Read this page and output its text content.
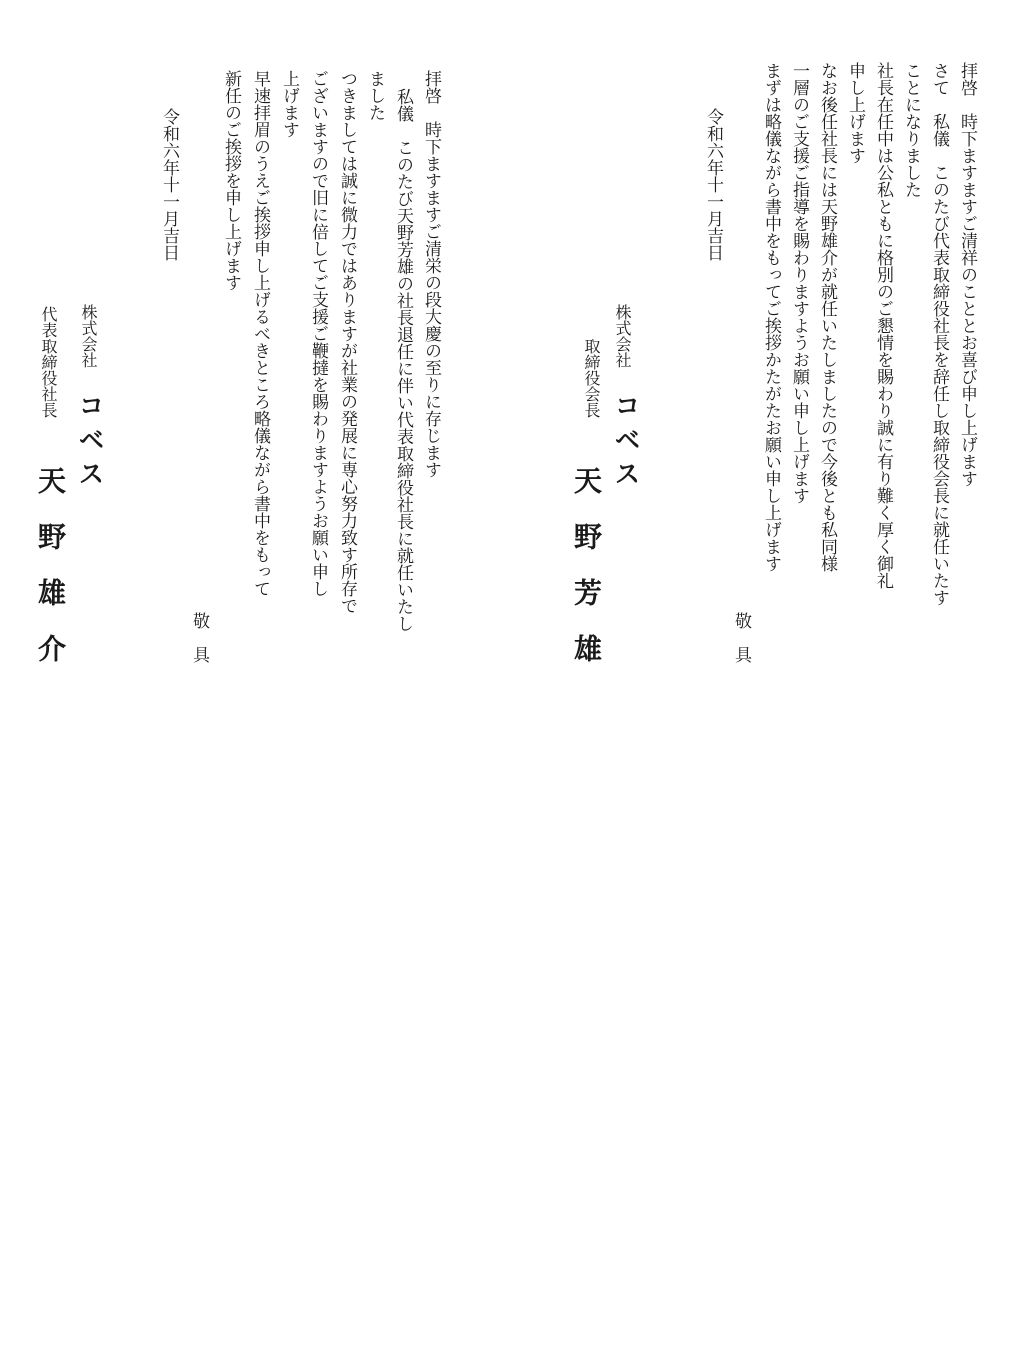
拝啓　時下ますますご清祥のこととお喜び申し上げます
さて　私儀　このたび代表取締役社長を辞任し取締役会長に就任いたす
ことになりました
社長在任中は公私ともに格別のご懇情を賜わり誠に有り難く厚く御礼
申し上げます
なお後任社長には天野雄介が就任いたしましたので今後とも私同様
一層のご支援ご指導を賜わりますようお願い申し上げます
まずは略儀ながら書中をもってご挨拶かたがたお願い申し上げます
敬　具
令和六年十一月吉日
株式会社
取締役会長
コベス
天野芳雄
拝啓　時下ますますご清栄の段大慶の至りに存じます
私儀　このたび天野芳雄の社長退任に伴い代表取締役社長に就任いたし
ました
つきましては誠に微力ではありますが社業の発展に専心努力致す所存で
ございますので旧に倍してご支援ご鞭撻を賜わりますようお願い申し
上げます
早速拝眉のうえご挨拶申し上げるべきところ略儀ながら書中をもって
新任のご挨拶を申し上げます
敬　具
令和六年十一月吉日
株式会社
代表取締役社長
コベス
天野雄介
